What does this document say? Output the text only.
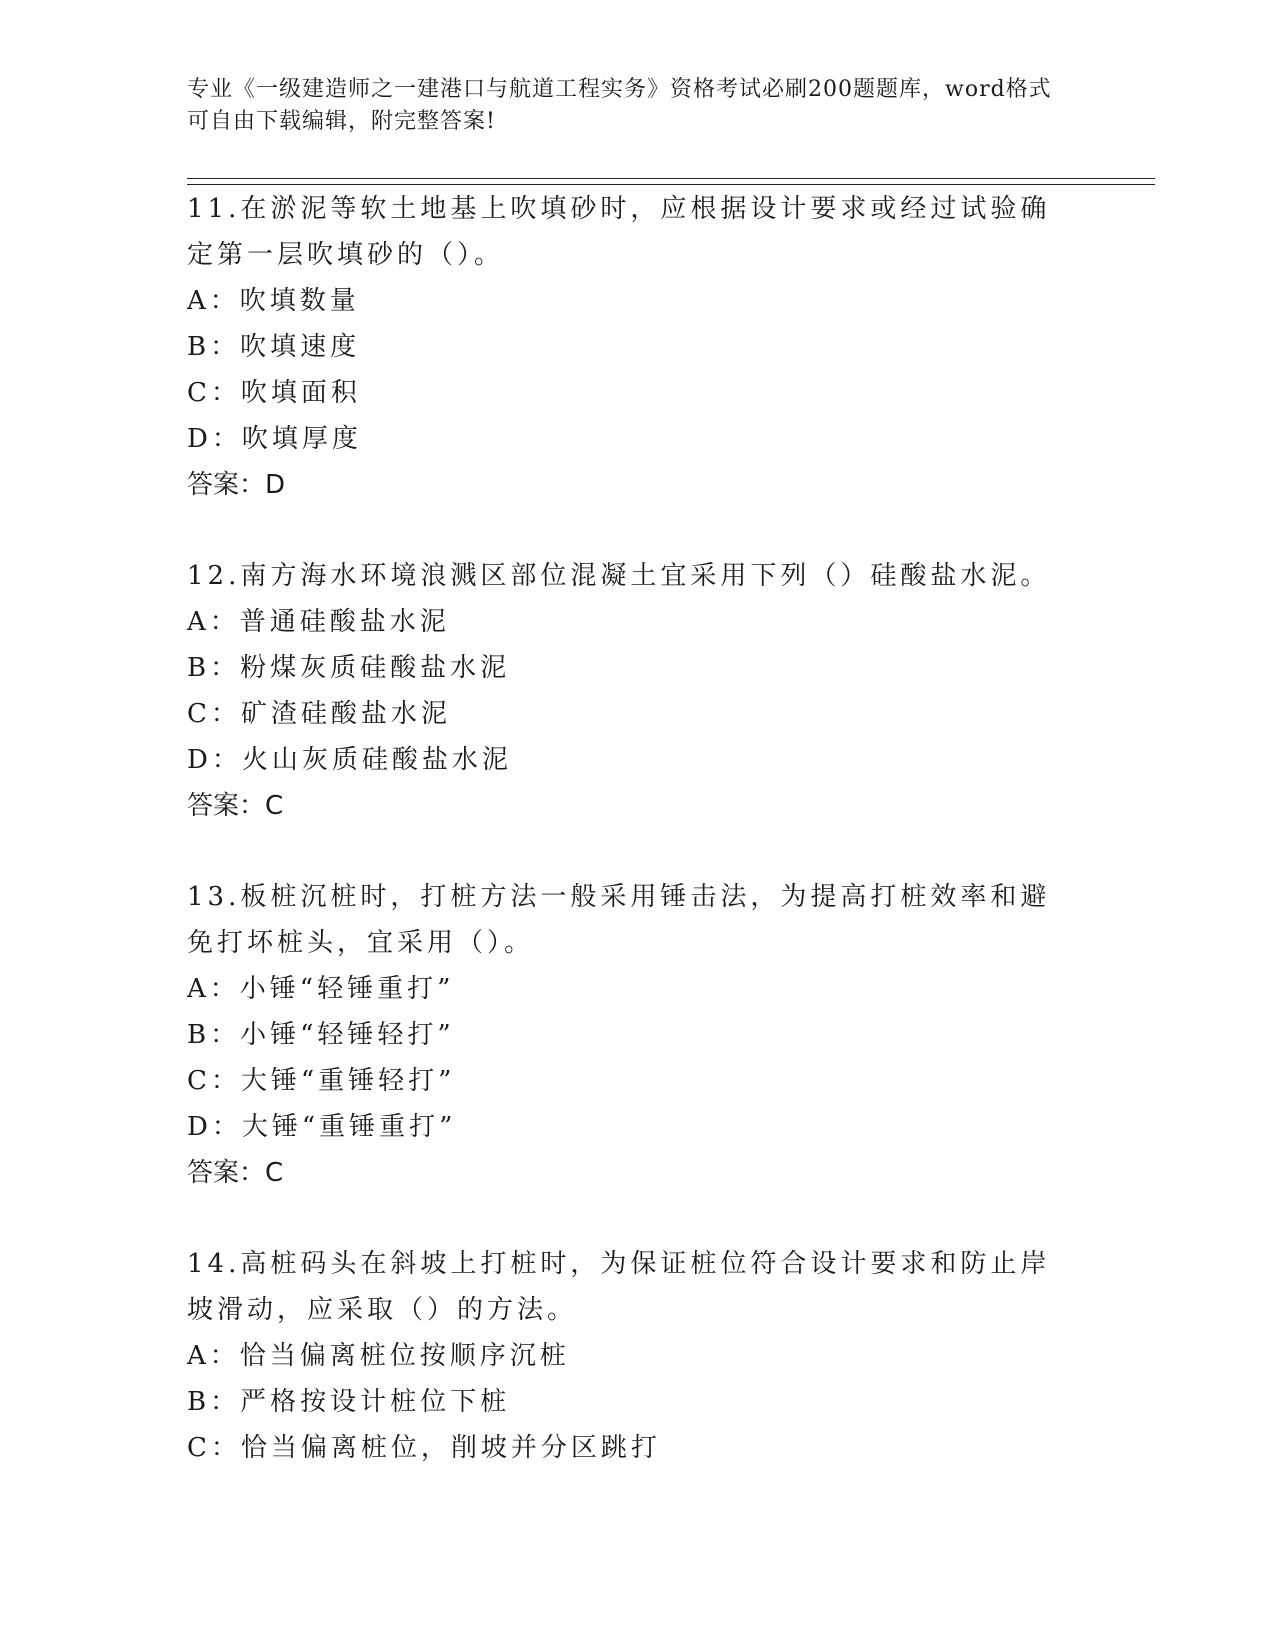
专业《一级建造师之一建港口与航道工程实务》资格考试必刷200题题库，word格式可自由下载编辑，附完整答案!
11.在淤泥等软土地基上吹填砂时，应根据设计要求或经过试验确定第一层吹填砂的（）。
A：吹填数量
B：吹填速度
C：吹填面积
D：吹填厚度
答案：D
12.南方海水环境浪溅区部位混凝土宜采用下列（）硅酸盐水泥。
A：普通硅酸盐水泥
B：粉煤灰质硅酸盐水泥
C：矿渣硅酸盐水泥
D：火山灰质硅酸盐水泥
答案：C
13.板桩沉桩时，打桩方法一般采用锤击法，为提高打桩效率和避免打坏桩头，宜采用（）。
A：小锤“轻锤重打”
B：小锤“轻锤轻打”
C：大锤“重锤轻打”
D：大锤“重锤重打”
答案：C
14.高桩码头在斜坡上打桩时，为保证桩位符合设计要求和防止岸坡滑动，应采取（）的方法。
A：恰当偏离桩位按顺序沉桩
B：严格按设计桩位下桩
C：恰当偏离桩位，削坡并分区跳打
